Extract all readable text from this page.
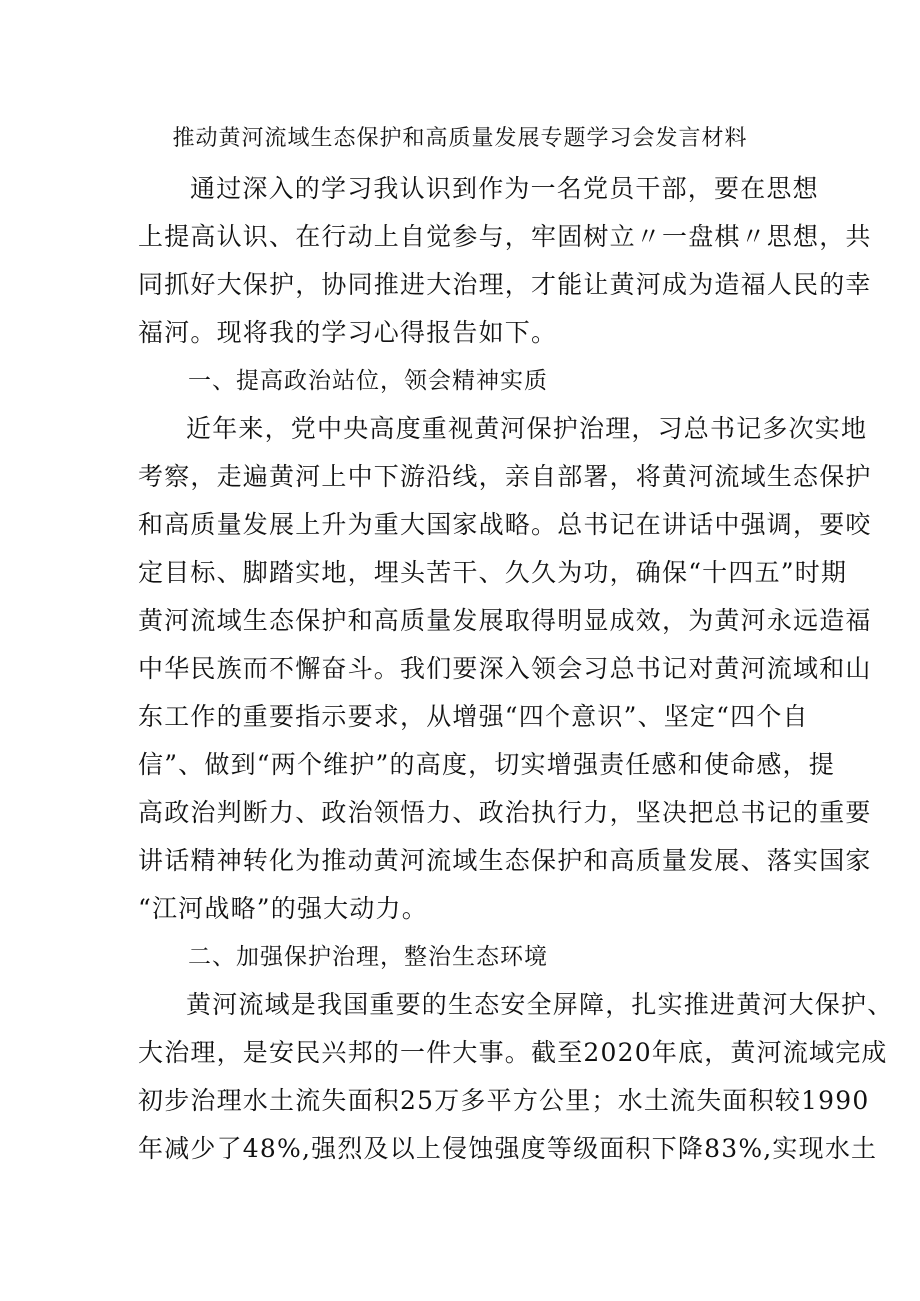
推动黄河流域生态保护和高质量发展专题学习会发言材料
通过深入的学习我认识到作为一名党员干部，要在思想
上提高认识、在行动上自觉参与，牢固树立〃一盘棋〃思想，共
同抓好大保护，协同推进大治理，才能让黄河成为造福人民的幸
福河。现将我的学习心得报告如下。
一、提高政治站位，领会精神实质
近年来，党中央高度重视黄河保护治理，习总书记多次实地
考察，走遍黄河上中下游沿线，亲自部署，将黄河流域生态保护
和高质量发展上升为重大国家战略。总书记在讲话中强调，要咬
定目标、脚踏实地，埋头苦干、久久为功，确保“十四五”时期
黄河流域生态保护和高质量发展取得明显成效，为黄河永远造福
中华民族而不懈奋斗。我们要深入领会习总书记对黄河流域和山
东工作的重要指示要求，从增强“四个意识”、坚定“四个自
信”、做到“两个维护”的高度，切实增强责任感和使命感，提
高政治判断力、政治领悟力、政治执行力，坚决把总书记的重要
讲话精神转化为推动黄河流域生态保护和高质量发展、落实国家
“江河战略”的强大动力。
二、加强保护治理，整治生态环境
黄河流域是我国重要的生态安全屏障，扎实推进黄河大保护、
大治理，是安民兴邦的一件大事。截至2020年底，黄河流域完成
初步治理水土流失面积25万多平方公里；水土流失面积较1990
年减少了48%,强烈及以上侵蚀强度等级面积下降83%,实现水土
